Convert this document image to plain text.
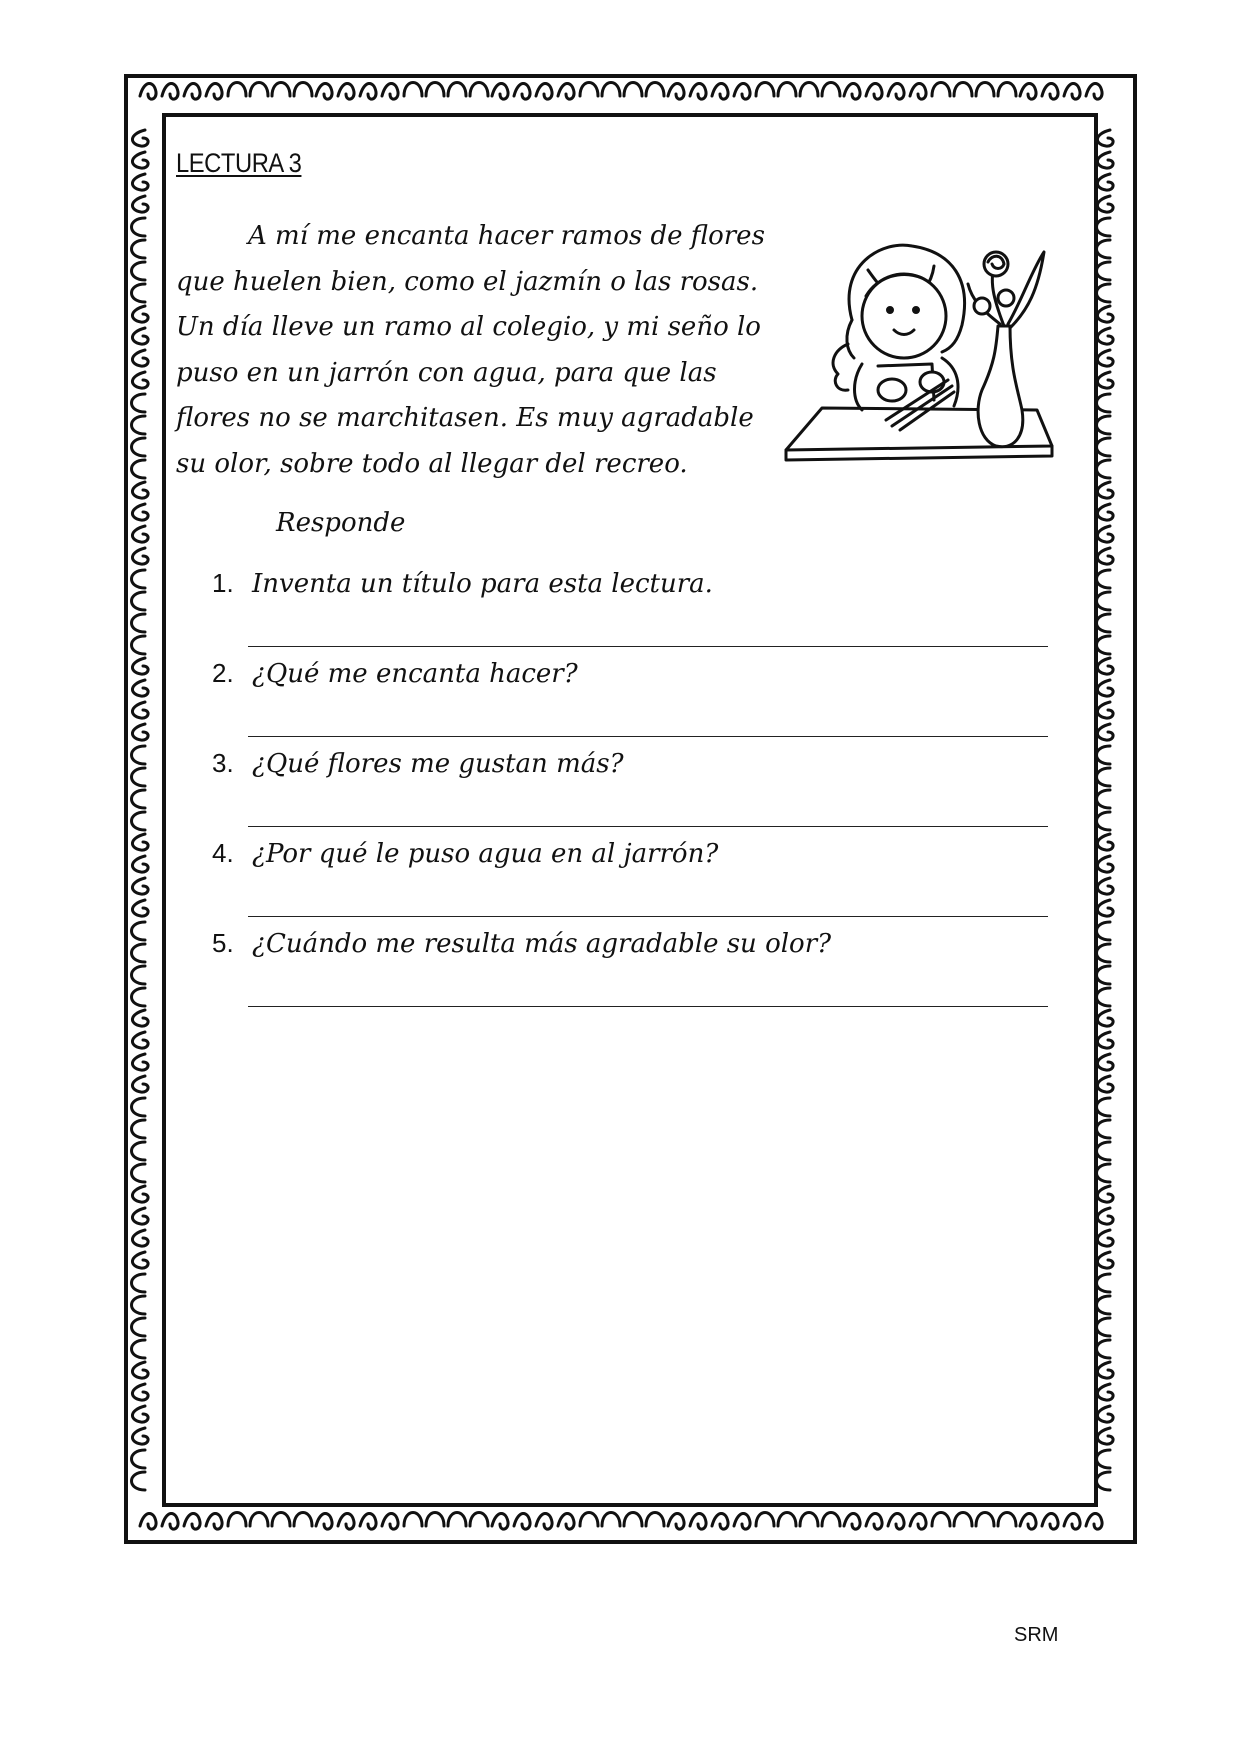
LECTURA 3
A mí me encanta hacer ramos de flores
que huelen bien, como el jazmín o las rosas.
Un día lleve un ramo al colegio, y mi seño lo
puso en un jarrón con agua, para que las
flores no se marchitasen. Es muy agradable
su olor, sobre todo al llegar del recreo.
Responde
1. Inventa un título para esta lectura.
2. ¿Qué me encanta hacer?
3. ¿Qué flores me gustan más?
4. ¿Por qué le puso agua en al jarrón?
5. ¿Cuándo me resulta más agradable su olor?
SRM
